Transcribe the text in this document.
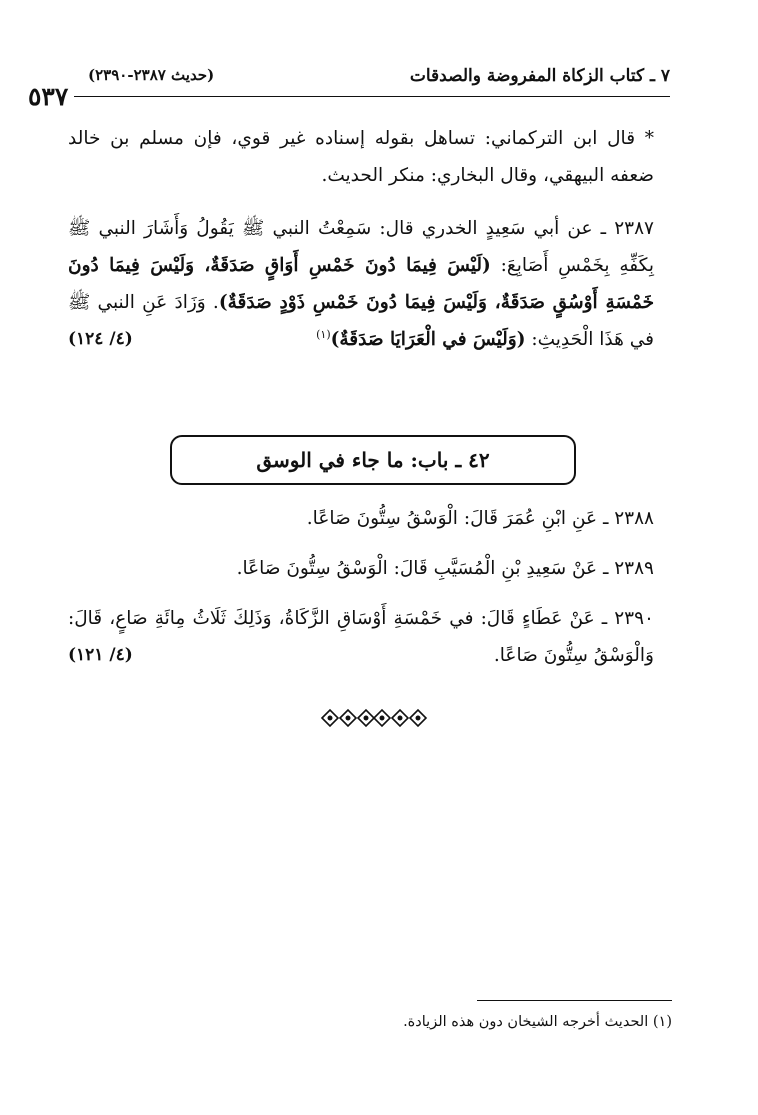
٧ ـ كتاب الزكاة المفروضة والصدقات
(حديث ٢٣٨٧-٢٣٩٠)
٥٣٧

* قال ابن التركماني: تساهل بقوله إسناده غير قوي، فإن مسلم بن خالد ضعفه البيهقي، وقال البخاري: منكر الحديث.

٢٣٨٧ ـ عن أبي سَعِيدٍ الخدري قال: سَمِعْتُ النبي ﷺ يَقُولُ وَأَشَارَ النبي ﷺ بِكَفِّهِ بِخَمْسِ أَصَابِعَ: (لَيْسَ فِيمَا دُونَ خَمْسِ أَوَاقٍ صَدَقَةٌ، وَلَيْسَ فِيمَا دُونَ خَمْسَةِ أَوْسُقٍ صَدَقَةٌ، وَلَيْسَ فِيمَا دُونَ خَمْسِ ذَوْدٍ صَدَقَةٌ). وَزَادَ عَنِ النبي ﷺ في هَذَا الْحَدِيثِ: (وَلَيْسَ في الْعَرَايَا صَدَقَةٌ)$^{(١)}$
(٤/ ١٢٤)

٤٢ ـ باب: ما جاء في الوسق

٢٣٨٨ ـ عَنِ ابْنِ عُمَرَ قَالَ: الْوَسْقُ سِتُّونَ صَاعًا.

٢٣٨٩ ـ عَنْ سَعِيدِ بْنِ الْمُسَيَّبِ قَالَ: الْوَسْقُ سِتُّونَ صَاعًا.

٢٣٩٠ ـ عَنْ عَطَاءٍ قَالَ: في خَمْسَةِ أَوْسَاقِ الزَّكَاةُ، وَذَلِكَ ثَلَاثُ مِائَةِ صَاعٍ، قَالَ: وَالْوَسْقُ سِتُّونَ صَاعًا.
(٤/ ١٢١)

(١) الحديث أخرجه الشيخان دون هذه الزيادة.
